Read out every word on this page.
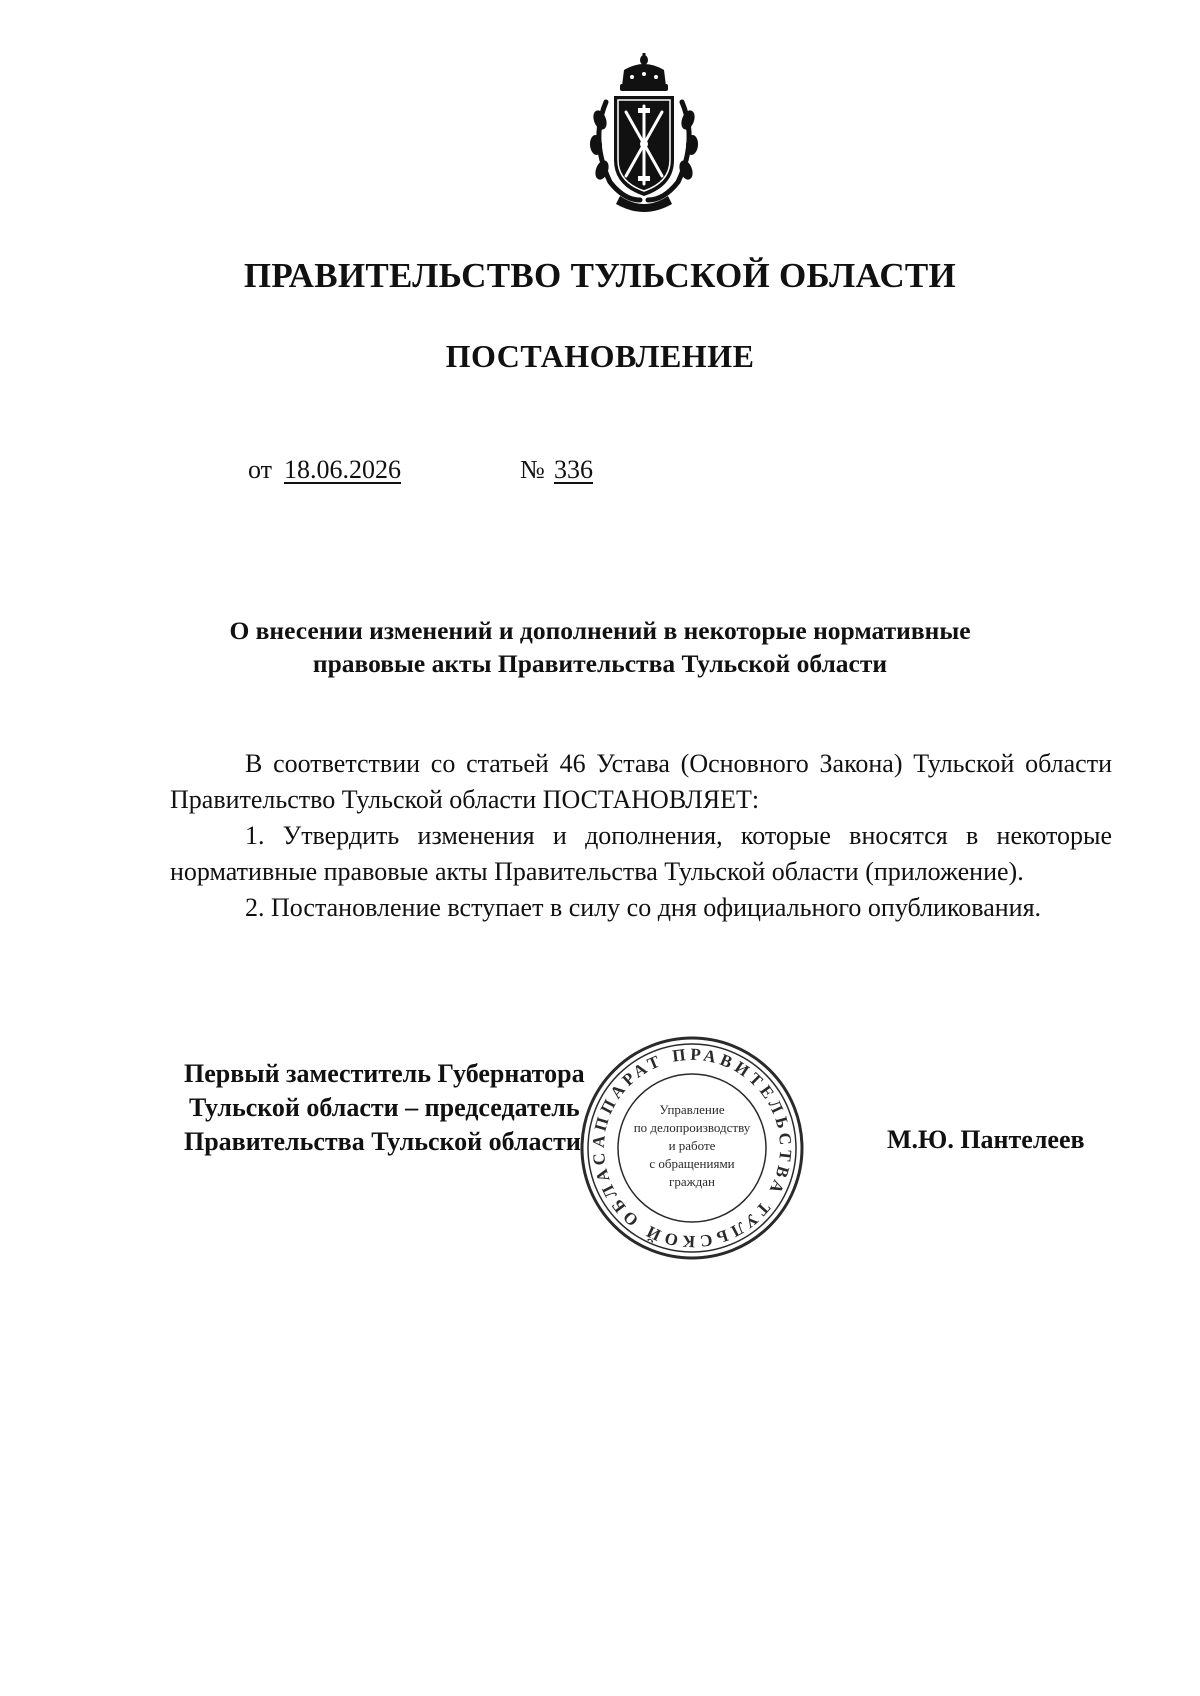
ПРАВИТЕЛЬСТВО ТУЛЬСКОЙ ОБЛАСТИ
ПОСТАНОВЛЕНИЕ
от 18.06.2026	№ 336
О внесении изменений и дополнений в некоторые нормативные
правовые акты Правительства Тульской области
В соответствии со статьей 46 Устава (Основного Закона) Тульской области Правительство Тульской области ПОСТАНОВЛЯЕТ:
1. Утвердить изменения и дополнения, которые вносятся в некоторые нормативные правовые акты Правительства Тульской области (приложение).
2. Постановление вступает в силу со дня официального опубликования.
Первый заместитель Губернатора
Тульской области – председатель
Правительства Тульской области	М.Ю. Пантелеев
АППАРАТ ПРАВИТЕЛЬСТВА ТУЛЬСКОЙ ОБЛАС
Управление
по делопроизводству
и работе
с обращениями
граждан
